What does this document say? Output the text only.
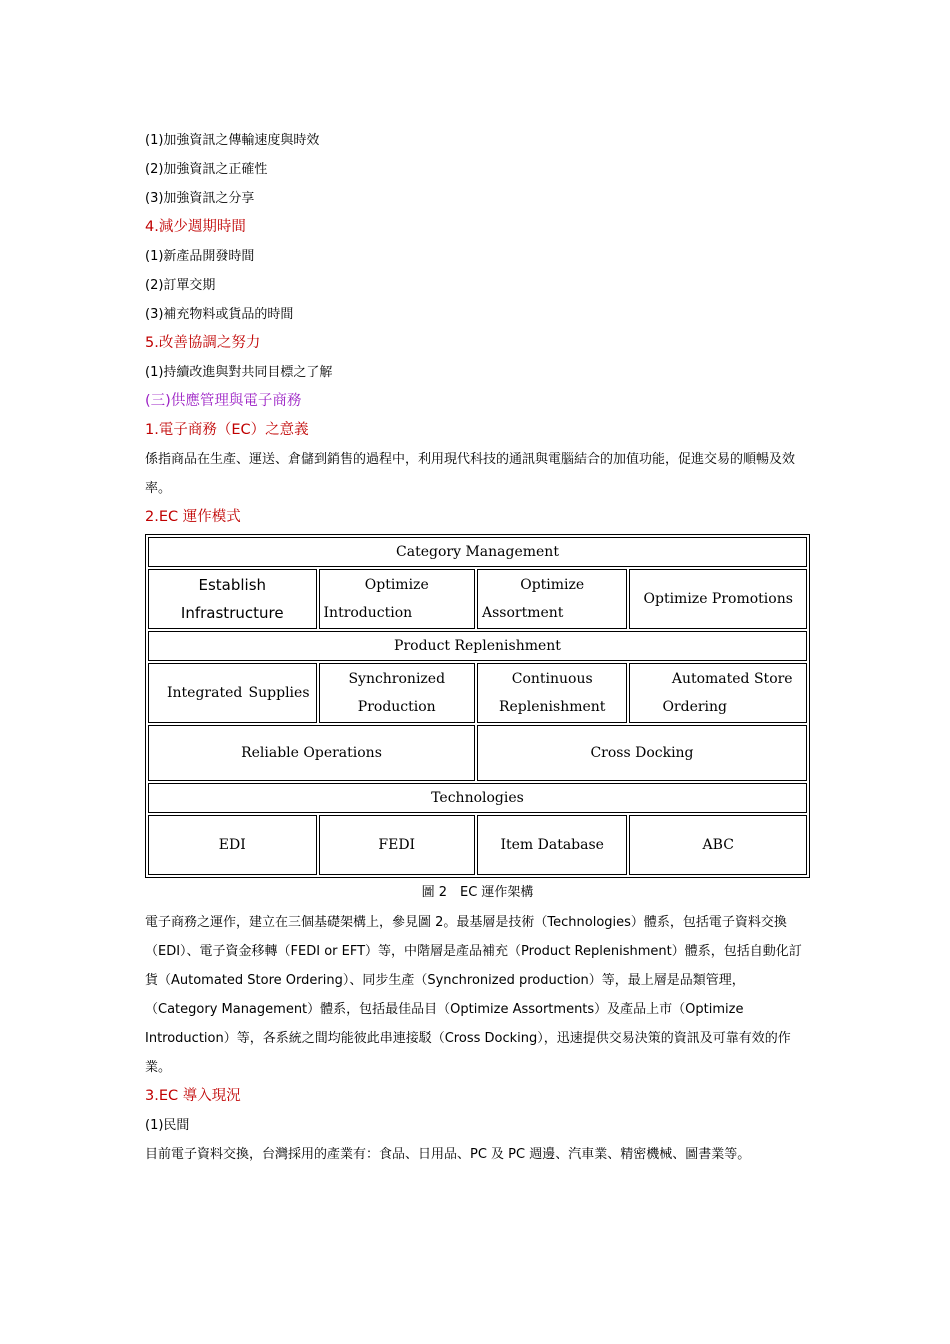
(1)加強資訊之傳輸速度與時效

(2)加強資訊之正確性

(3)加強資訊之分享

4.減少週期時間

(1)新產品開發時間

(2)訂單交期

(3)補充物料或貨品的時間

5.改善協調之努力

(1)持續改進與對共同目標之了解

(三)供應管理與電子商務

1.電子商務（EC）之意義

係指商品在生產、運送、倉儲到銷售的過程中，利用現代科技的通訊與電腦結合的加值功能，促進交易的順暢及效率。

2.EC 運作模式

Category Management			
Establish Infrastructure	Optimize Introduction	Optimize Assortment	Optimize Promotions
Product Replenishment			
Integrated Supplies	Synchronized Production	Continuous Replenishment	Automated Store Ordering
Reliable Operations		Cross Docking	
Technologies			
EDI	FEDI	Item Database	ABC

圖 2　EC 運作架構

電子商務之運作，建立在三個基礎架構上，參見圖 2。最基層是技術（Technologies）體系，包括電子資料交換（EDI）、電子資金移轉（FEDI or EFT）等，中階層是產品補充（Product Replenishment）體系，包括自動化訂貨（Automated Store Ordering）、同步生產（Synchronized production）等，最上層是品類管理，（Category Management）體系，包括最佳品目（Optimize Assortments）及產品上市（Optimize Introduction）等，各系統之間均能彼此串連接駁（Cross Docking），迅速提供交易決策的資訊及可靠有效的作業。

3.EC 導入現況

(1)民間

目前電子資料交換，台灣採用的產業有：食品、日用品、PC 及 PC 週邊、汽車業、精密機械、圖書業等。
